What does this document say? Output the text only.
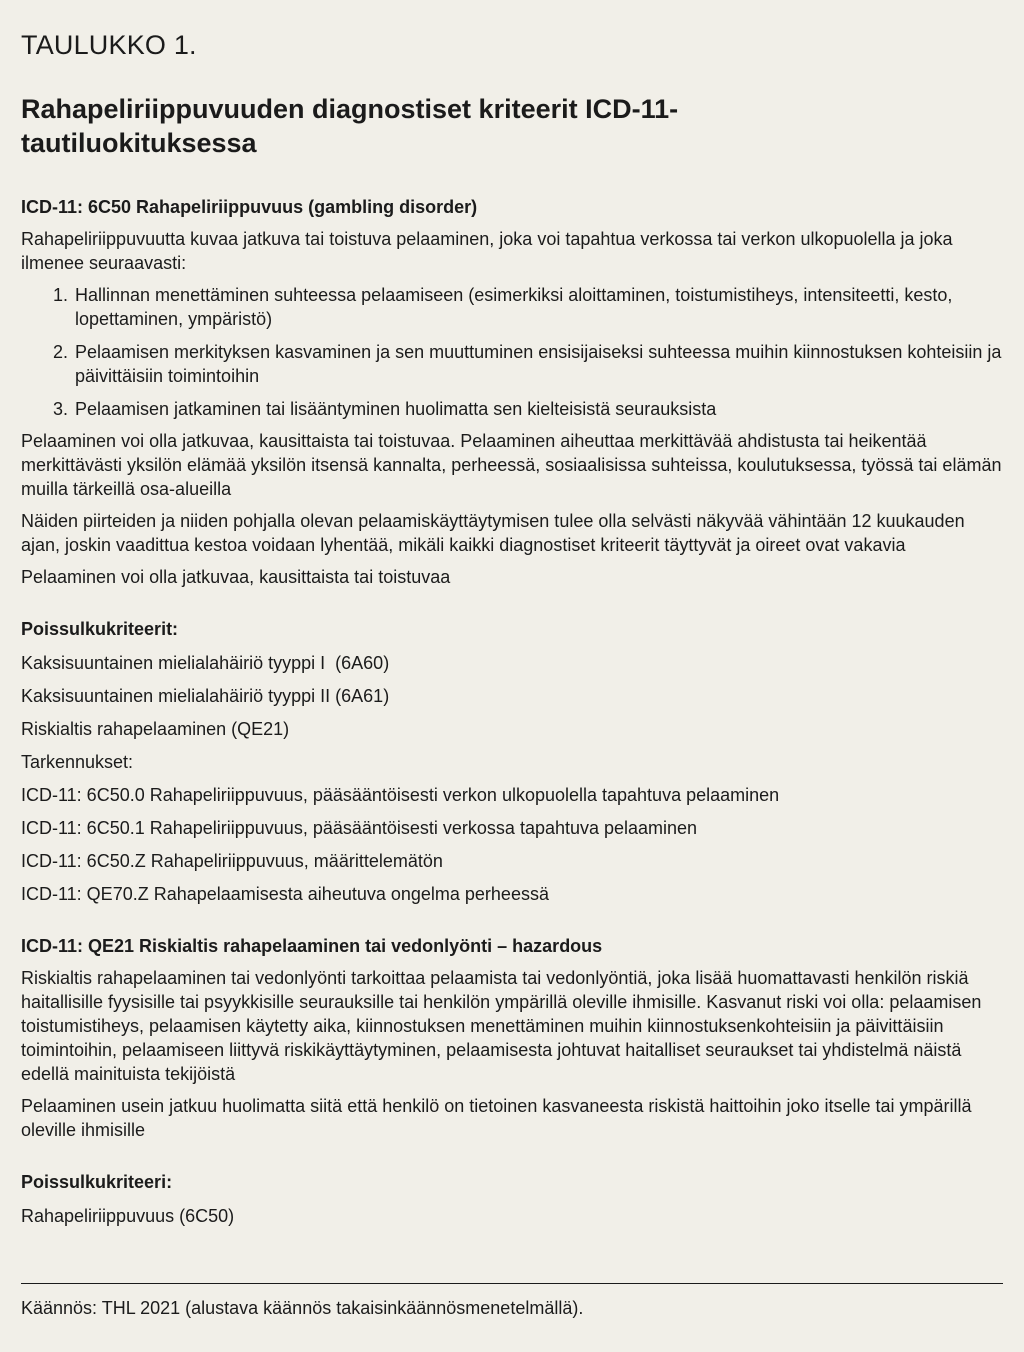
TAULUKKO 1.

Rahapeliriippuvuuden diagnostiset kriteerit ICD-11-tautiluokituksessa
ICD-11: 6C50 Rahapeliriippuvuus (gambling disorder)

Rahapeliriippuvuutta kuvaa jatkuva tai toistuva pelaaminen, joka voi tapahtua verkossa tai verkon ulkopuolella ja joka ilmenee seuraavasti:

1. Hallinnan menettäminen suhteessa pelaamiseen (esimerkiksi aloittaminen, toistumistiheys, intensiteetti, kesto, lopettaminen, ympäristö)
2. Pelaamisen merkityksen kasvaminen ja sen muuttuminen ensisijaiseksi suhteessa muihin kiinnostuksen kohteisiin ja päivittäisiin toimintoihin
3. Pelaamisen jatkaminen tai lisääntyminen huolimatta sen kielteisistä seurauksista

Pelaaminen voi olla jatkuvaa, kausittaista tai toistuvaa. Pelaaminen aiheuttaa merkittävää ahdistusta tai heikentää merkittävästi yksilön elämää yksilön itsensä kannalta, perheessä, sosiaalisissa suhteissa, koulutuksessa, työssä tai elämän muilla tärkeillä osa-alueilla

Näiden piirteiden ja niiden pohjalla olevan pelaamiskäyttäytymisen tulee olla selvästi näkyvää vähintään 12 kuukauden ajan, joskin vaadittua kestoa voidaan lyhentää, mikäli kaikki diagnostiset kriteerit täyttyvät ja oireet ovat vakavia

Pelaaminen voi olla jatkuvaa, kausittaista tai toistuvaa

Poissulkukriteerit:

Kaksisuuntainen mielialahäiriö tyyppi I  (6A60)

Kaksisuuntainen mielialahäiriö tyyppi II (6A61)

Riskialtis rahapelaaminen (QE21)

Tarkennukset:

ICD-11: 6C50.0 Rahapeliriippuvuus, pääsääntöisesti verkon ulkopuolella tapahtuva pelaaminen

ICD-11: 6C50.1 Rahapeliriippuvuus, pääsääntöisesti verkossa tapahtuva pelaaminen

ICD-11: 6C50.Z Rahapeliriippuvuus, määrittelemätön

ICD-11: QE70.Z Rahapelaamisesta aiheutuva ongelma perheessä

ICD-11: QE21 Riskialtis rahapelaaminen tai vedonlyönti – hazardous

Riskialtis rahapelaaminen tai vedonlyönti tarkoittaa pelaamista tai vedonlyöntiä, joka lisää huomattavasti henkilön riskiä haitallisille fyysisille tai psyykkisille seurauksille tai henkilön ympärillä oleville ihmisille. Kasvanut riski voi olla: pelaamisen toistumistiheys, pelaamisen käytetty aika, kiinnostuksen menettäminen muihin kiinnostuksenkohteisiin ja päivittäisiin toimintoihin, pelaamiseen liittyvä riskikäyttäytyminen, pelaamisesta johtuvat haitalliset seuraukset tai yhdistelmä näistä edellä mainituista tekijöistä

Pelaaminen usein jatkuu huolimatta siitä että henkilö on tietoinen kasvaneesta riskistä haittoihin joko itselle tai ympärillä oleville ihmisille

Poissulkukriteeri:

Rahapeliriippuvuus (6C50)

Käännös: THL 2021 (alustava käännös takaisinkäännösmenetelmällä).
